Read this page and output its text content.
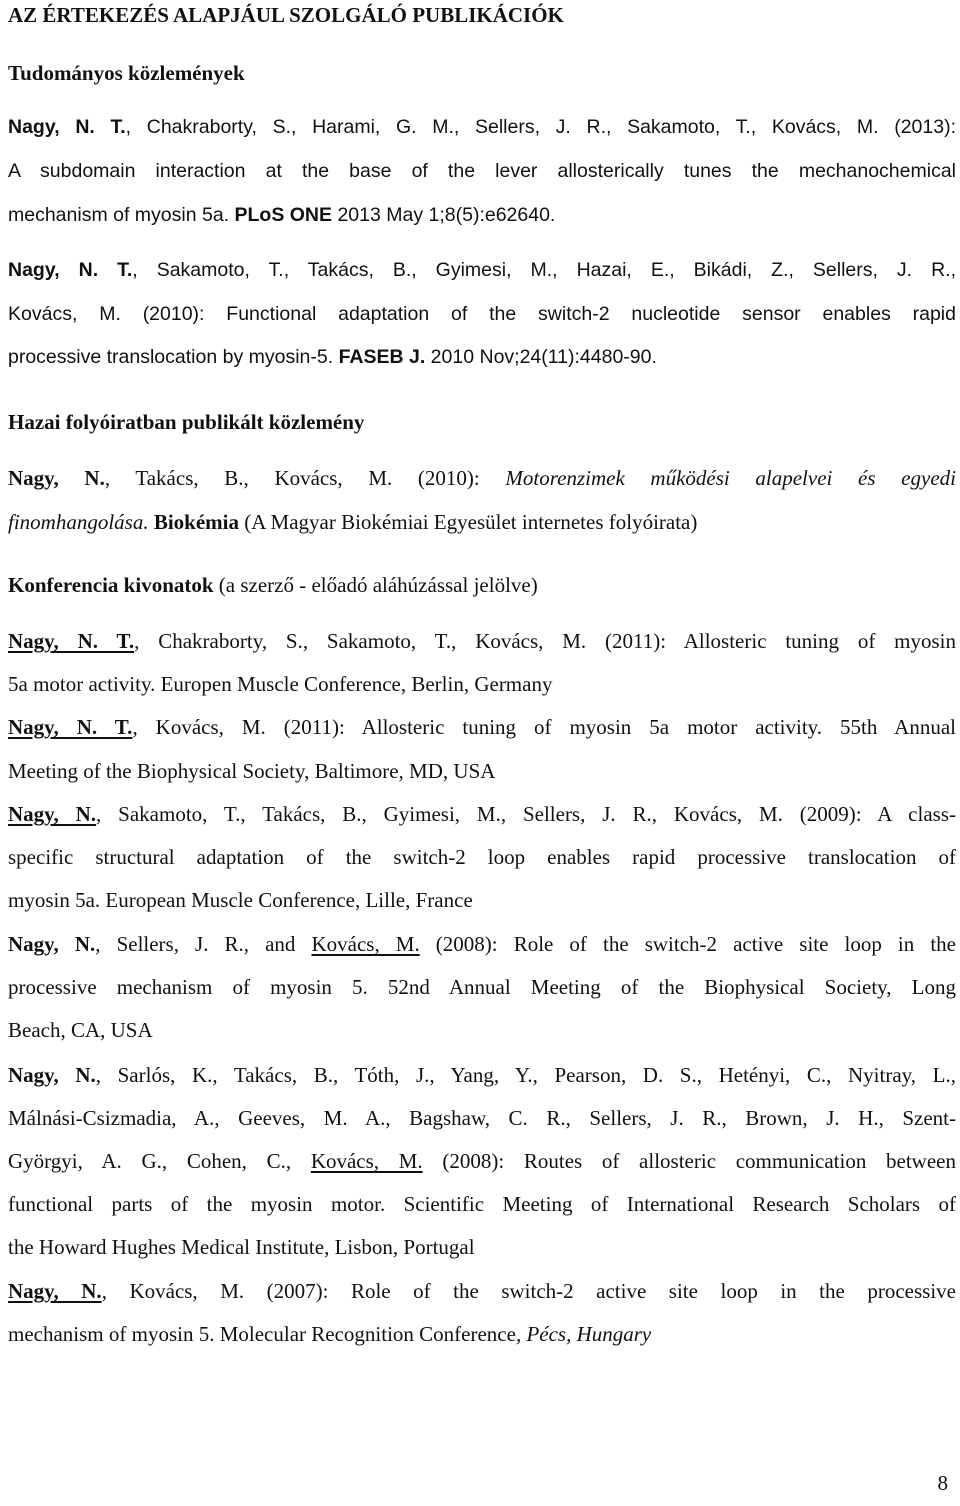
AZ ÉRTEKEZÉS ALAPJÁUL SZOLGÁLÓ PUBLIKÁCIÓK
Tudományos közlemények
Nagy, N. T., Chakraborty, S., Harami, G. M., Sellers, J. R., Sakamoto, T., Kovács, M. (2013):
A subdomain interaction at the base of the lever allosterically tunes the mechanochemical
mechanism of myosin 5a. PLoS ONE 2013 May 1;8(5):e62640.
Nagy, N. T., Sakamoto, T., Takács, B., Gyimesi, M., Hazai, E., Bikádi, Z., Sellers, J. R.,
Kovács, M. (2010): Functional adaptation of the switch-2 nucleotide sensor enables rapid
processive translocation by myosin-5. FASEB J. 2010 Nov;24(11):4480-90.
Hazai folyóiratban publikált közlemény
Nagy, N., Takács, B., Kovács, M. (2010): Motorenzimek működési alapelvei és egyedi
finomhangolása. Biokémia (A Magyar Biokémiai Egyesület internetes folyóirata)
Konferencia kivonatok (a szerző - előadó aláhúzással jelölve)
Nagy, N. T., Chakraborty, S., Sakamoto, T., Kovács, M. (2011): Allosteric tuning of myosin
5a motor activity. Europen Muscle Conference, Berlin, Germany
Nagy, N. T., Kovács, M. (2011): Allosteric tuning of myosin 5a motor activity. 55th Annual
Meeting of the Biophysical Society, Baltimore, MD, USA
Nagy, N., Sakamoto, T., Takács, B., Gyimesi, M., Sellers, J. R., Kovács, M. (2009): A class-
specific structural adaptation of the switch-2 loop enables rapid processive translocation of
myosin 5a. European Muscle Conference, Lille, France
Nagy, N., Sellers, J. R., and Kovács, M. (2008): Role of the switch-2 active site loop in the
processive mechanism of myosin 5. 52nd Annual Meeting of the Biophysical Society, Long
Beach, CA, USA
Nagy, N., Sarlós, K., Takács, B., Tóth, J., Yang, Y., Pearson, D. S., Hetényi, C., Nyitray, L.,
Málnási-Csizmadia, A., Geeves, M. A., Bagshaw, C. R., Sellers, J. R., Brown, J. H., Szent-
Györgyi, A. G., Cohen, C., Kovács, M. (2008): Routes of allosteric communication between
functional parts of the myosin motor. Scientific Meeting of International Research Scholars of
the Howard Hughes Medical Institute, Lisbon, Portugal
Nagy, N., Kovács, M. (2007): Role of the switch-2 active site loop in the processive
mechanism of myosin 5. Molecular Recognition Conference, Pécs, Hungary
8
